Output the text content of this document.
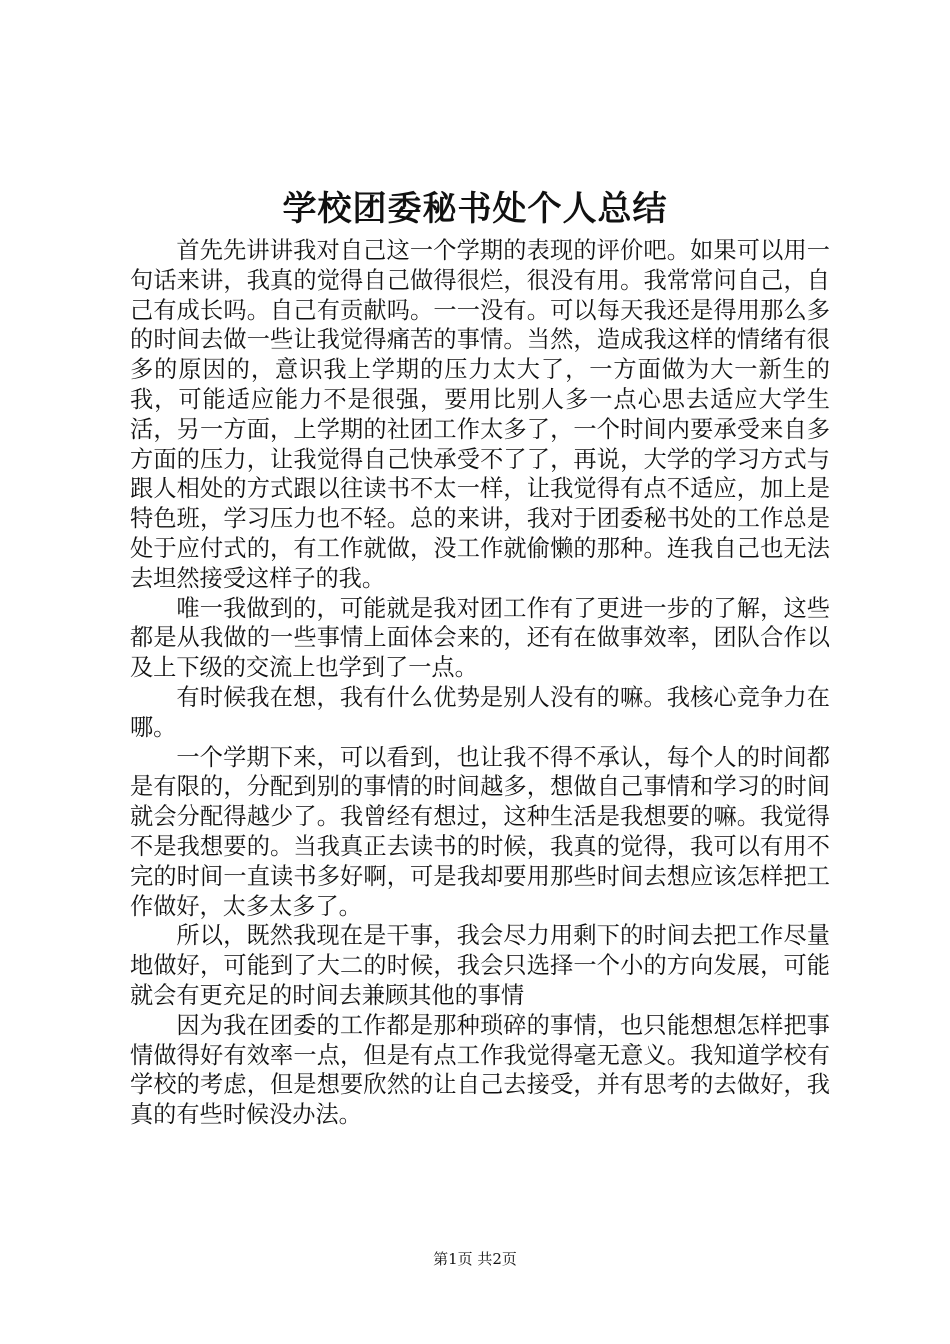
学校团委秘书处个人总结

首先先讲讲我对自己这一个学期的表现的评价吧。如果可以用一句话来讲，我真的觉得自己做得很烂，很没有用。我常常问自己，自己有成长吗。自己有贡献吗。一一没有。可以每天我还是得用那么多的时间去做一些让我觉得痛苦的事情。当然，造成我这样的情绪有很多的原因的，意识我上学期的压力太大了，一方面做为大一新生的我，可能适应能力不是很强，要用比别人多一点心思去适应大学生活，另一方面，上学期的社团工作太多了，一个时间内要承受来自多方面的压力，让我觉得自己快承受不了了，再说，大学的学习方式与跟人相处的方式跟以往读书不太一样，让我觉得有点不适应，加上是特色班，学习压力也不轻。总的来讲，我对于团委秘书处的工作总是处于应付式的，有工作就做，没工作就偷懒的那种。连我自己也无法去坦然接受这样子的我。

唯一我做到的，可能就是我对团工作有了更进一步的了解，这些都是从我做的一些事情上面体会来的，还有在做事效率，团队合作以及上下级的交流上也学到了一点。

有时候我在想，我有什么优势是别人没有的嘛。我核心竞争力在哪。

一个学期下来，可以看到，也让我不得不承认，每个人的时间都是有限的，分配到别的事情的时间越多，想做自己事情和学习的时间就会分配得越少了。我曾经有想过，这种生活是我想要的嘛。我觉得不是我想要的。当我真正去读书的时候，我真的觉得，我可以有用不完的时间一直读书多好啊，可是我却要用那些时间去想应该怎样把工作做好，太多太多了。

所以，既然我现在是干事，我会尽力用剩下的时间去把工作尽量地做好，可能到了大二的时候，我会只选择一个小的方向发展，可能就会有更充足的时间去兼顾其他的事情

因为我在团委的工作都是那种琐碎的事情，也只能想想怎样把事情做得好有效率一点，但是有点工作我觉得毫无意义。我知道学校有学校的考虑，但是想要欣然的让自己去接受，并有思考的去做好，我真的有些时候没办法。

第1页 共2页
